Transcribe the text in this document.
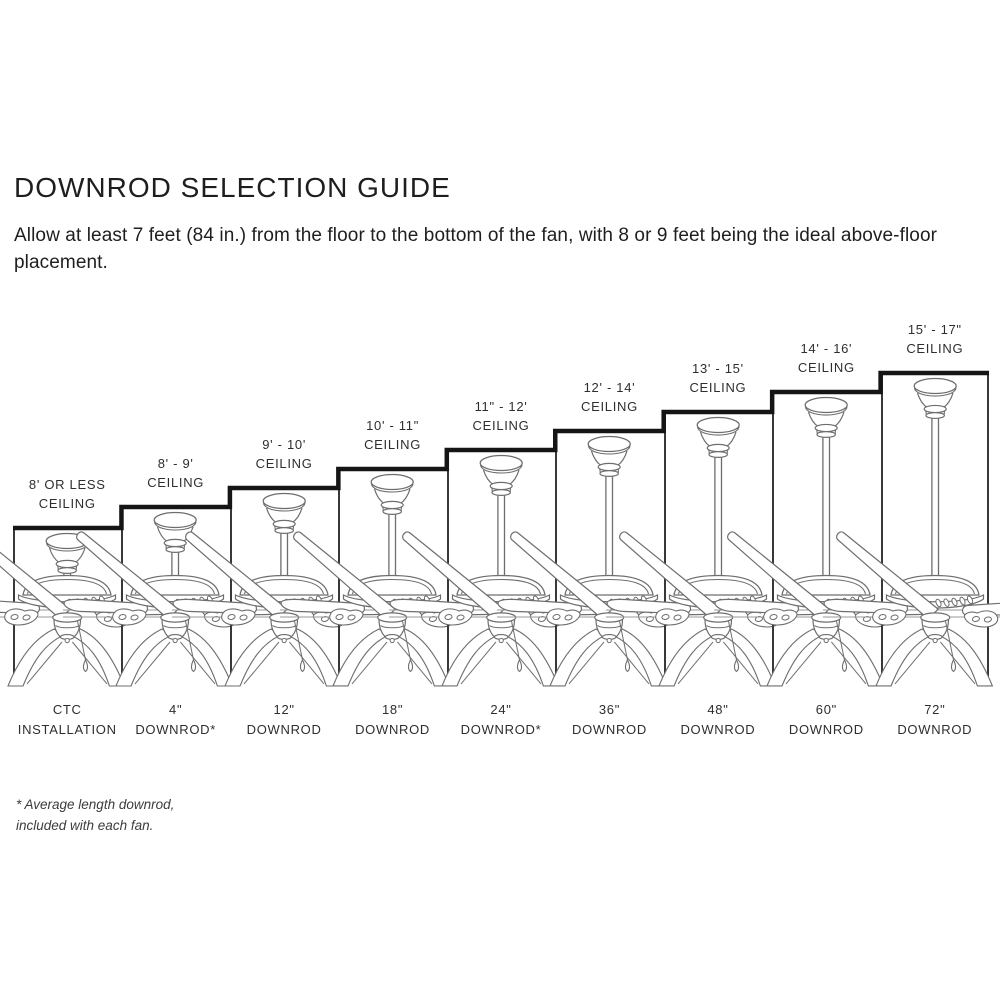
DOWNROD SELECTION GUIDE

Allow at least 7 feet (84 in.) from the floor to the bottom of the fan, with 8 or 9 feet being the ideal above-floor placement.

* Average length downrod,
included with each fan.
8' OR LESS
CEILING
CTC
INSTALLATION
8' - 9'
CEILING
4"
DOWNROD*
9' - 10'
CEILING
12"
DOWNROD
10' - 11"
CEILING
18"
DOWNROD
11" - 12'
CEILING
24"
DOWNROD*
12' - 14'
CEILING
36"
DOWNROD
13' - 15'
CEILING
48"
DOWNROD
14' - 16'
CEILING
60"
DOWNROD
15' - 17"
CEILING
72"
DOWNROD
